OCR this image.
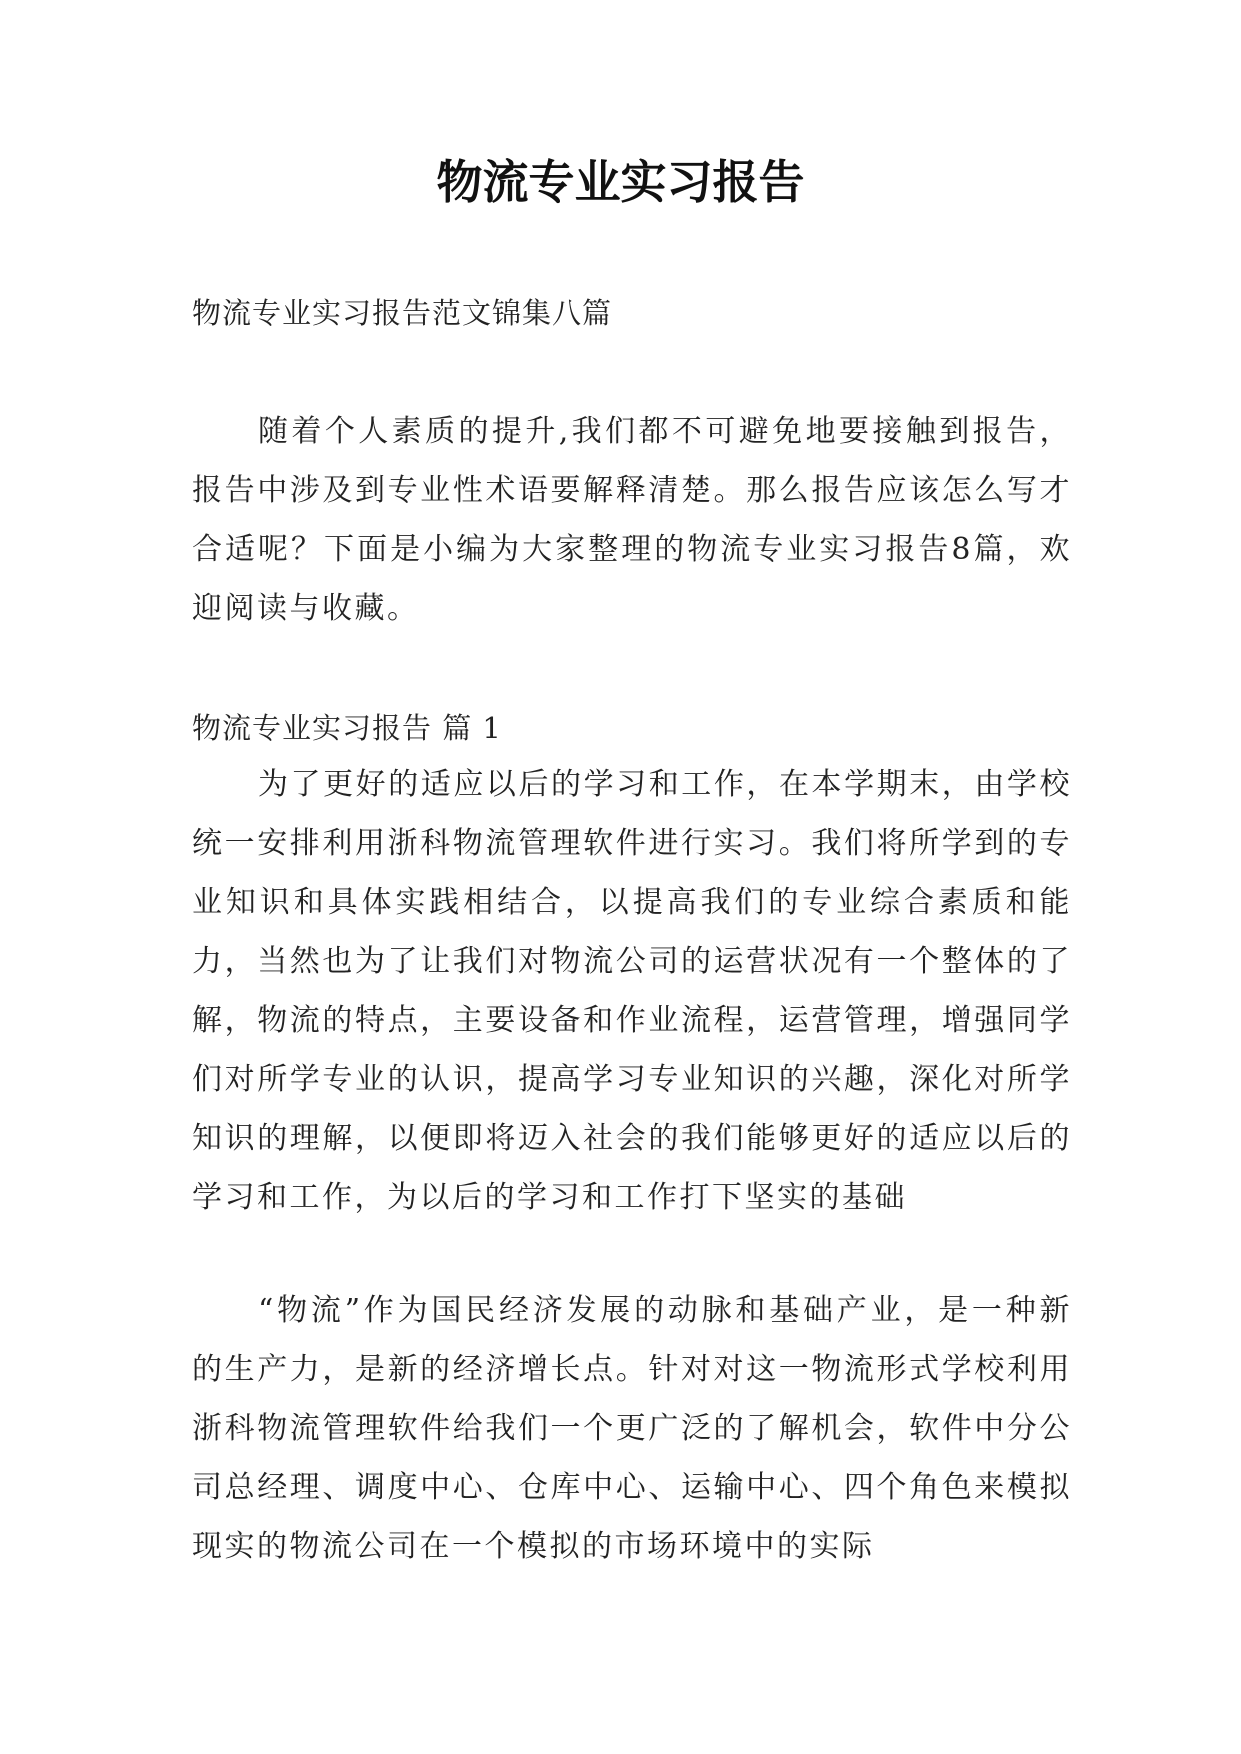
物流专业实习报告

物流专业实习报告范文锦集八篇

随着个人素质的提升,我们都不可避免地要接触到报告，报告中涉及到专业性术语要解释清楚。那么报告应该怎么写才合适呢？下面是小编为大家整理的物流专业实习报告8篇，欢迎阅读与收藏。

物流专业实习报告 篇 1

为了更好的适应以后的学习和工作，在本学期末，由学校统一安排利用浙科物流管理软件进行实习。我们将所学到的专业知识和具体实践相结合，以提高我们的专业综合素质和能力，当然也为了让我们对物流公司的运营状况有一个整体的了解，物流的特点，主要设备和作业流程，运营管理，增强同学们对所学专业的认识，提高学习专业知识的兴趣，深化对所学知识的理解，以便即将迈入社会的我们能够更好的适应以后的学习和工作，为以后的学习和工作打下坚实的基础

“物流”作为国民经济发展的动脉和基础产业，是一种新的生产力，是新的经济增长点。针对对这一物流形式学校利用浙科物流管理软件给我们一个更广泛的了解机会，软件中分公司总经理、调度中心、仓库中心、运输中心、四个角色来模拟现实的物流公司在一个模拟的市场环境中的实际
